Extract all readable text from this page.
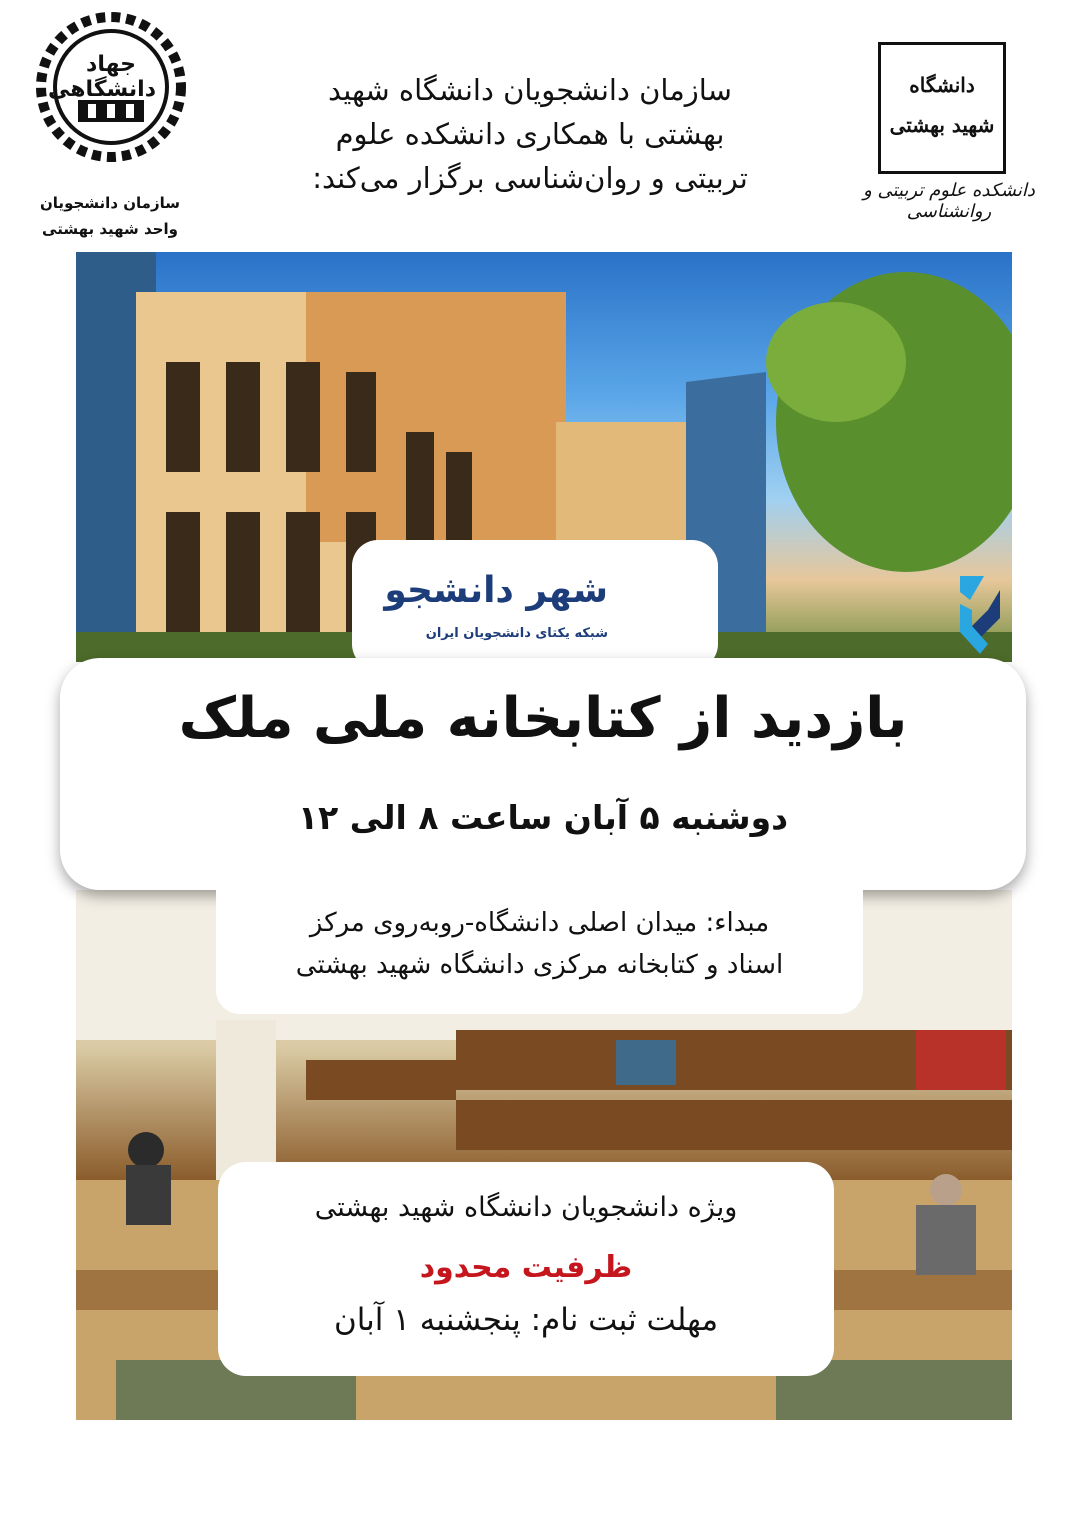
جهاد دانشگاهی
سازمان دانشجویان
واحد شهید بهشتی
سازمان دانشجویان دانشگاه شهید
بهشتی با همکاری دانشکده علوم
تربیتی و روان‌شناسی برگزار می‌کند:
دانشگاه شهید بهشتی
دانشکده علوم تربیتی و روانشناسی
شهر دانشجو
شبکه یکتای دانشجویان ایران
بازدید از کتابخانه ملی ملک
دوشنبه ۵ آبان ساعت ۸ الی ۱۲
مبداء: میدان اصلی دانشگاه-روبه‌روی مرکز
اسناد و کتابخانه مرکزی دانشگاه شهید بهشتی
ویژه دانشجویان دانشگاه شهید بهشتی
ظرفیت محدود
مهلت ثبت نام: پنجشنبه ۱ آبان
